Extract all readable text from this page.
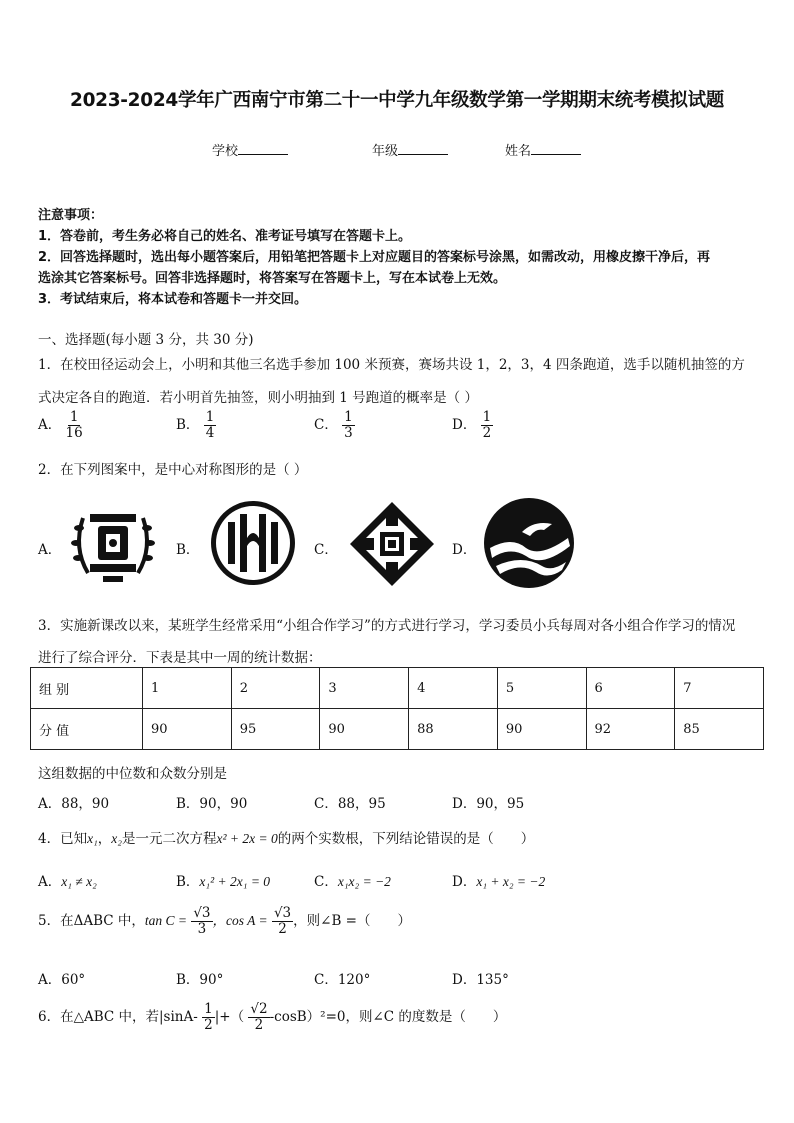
2023-2024学年广西南宁市第二十一中学九年级数学第一学期期末统考模拟试题
学校	年级	姓名
注意事项：
1．答卷前，考生务必将自己的姓名、准考证号填写在答题卡上。
2．回答选择题时，选出每小题答案后，用铅笔把答题卡上对应题目的答案标号涂黑，如需改动，用橡皮擦干净后，再
选涂其它答案标号。回答非选择题时，将答案写在答题卡上，写在本试卷上无效。
3．考试结束后，将本试卷和答题卡一并交回。
一、选择题(每小题 3 分，共 30 分)
1．在校田径运动会上，小明和其他三名选手参加 100 米预赛，赛场共设 1，2，3，4 四条跑道，选手以随机抽签的方
式决定各自的跑道．若小明首先抽签，则小明抽到 1 号跑道的概率是（ ）
A． $\frac{1}{16}$	B． $\frac{1}{4}$	C． $\frac{1}{3}$	D． $\frac{1}{2}$
2．在下列图案中，是中心对称图形的是（ ）
A．	B．	C．	D．
3．实施新课改以来，某班学生经常采用“小组合作学习”的方式进行学习，学习委员小兵每周对各小组合作学习的情况
进行了综合评分．下表是其中一周的统计数据：
组 别	1	2	3	4	5	6	7
分 值	90	95	90	88	90	92	85
这组数据的中位数和众数分别是
A．88，90	B．90，90	C．88，95	D．90，95
4．已知x₁，x₂是一元二次方程x² + 2x = 0的两个实数根，下列结论错误的是（　　）
A．x₁ ≠ x₂	B．x₁² + 2x₁ = 0	C．x₁x₂ = −2	D．x₁ + x₂ = −2
5．在ΔABC 中，$\tan C = \frac{√3}{3}$ ，$\cos A = \frac{√3}{2}$ ，则∠B =（　　）
A．60°	B．90°	C．120°	D．135°
6．在△ABC 中，若$|\sin A- \frac{1}{2}$ |+（ $\frac{√2}{2} -\cos B)^2=0$，则∠C 的度数是（　　）
